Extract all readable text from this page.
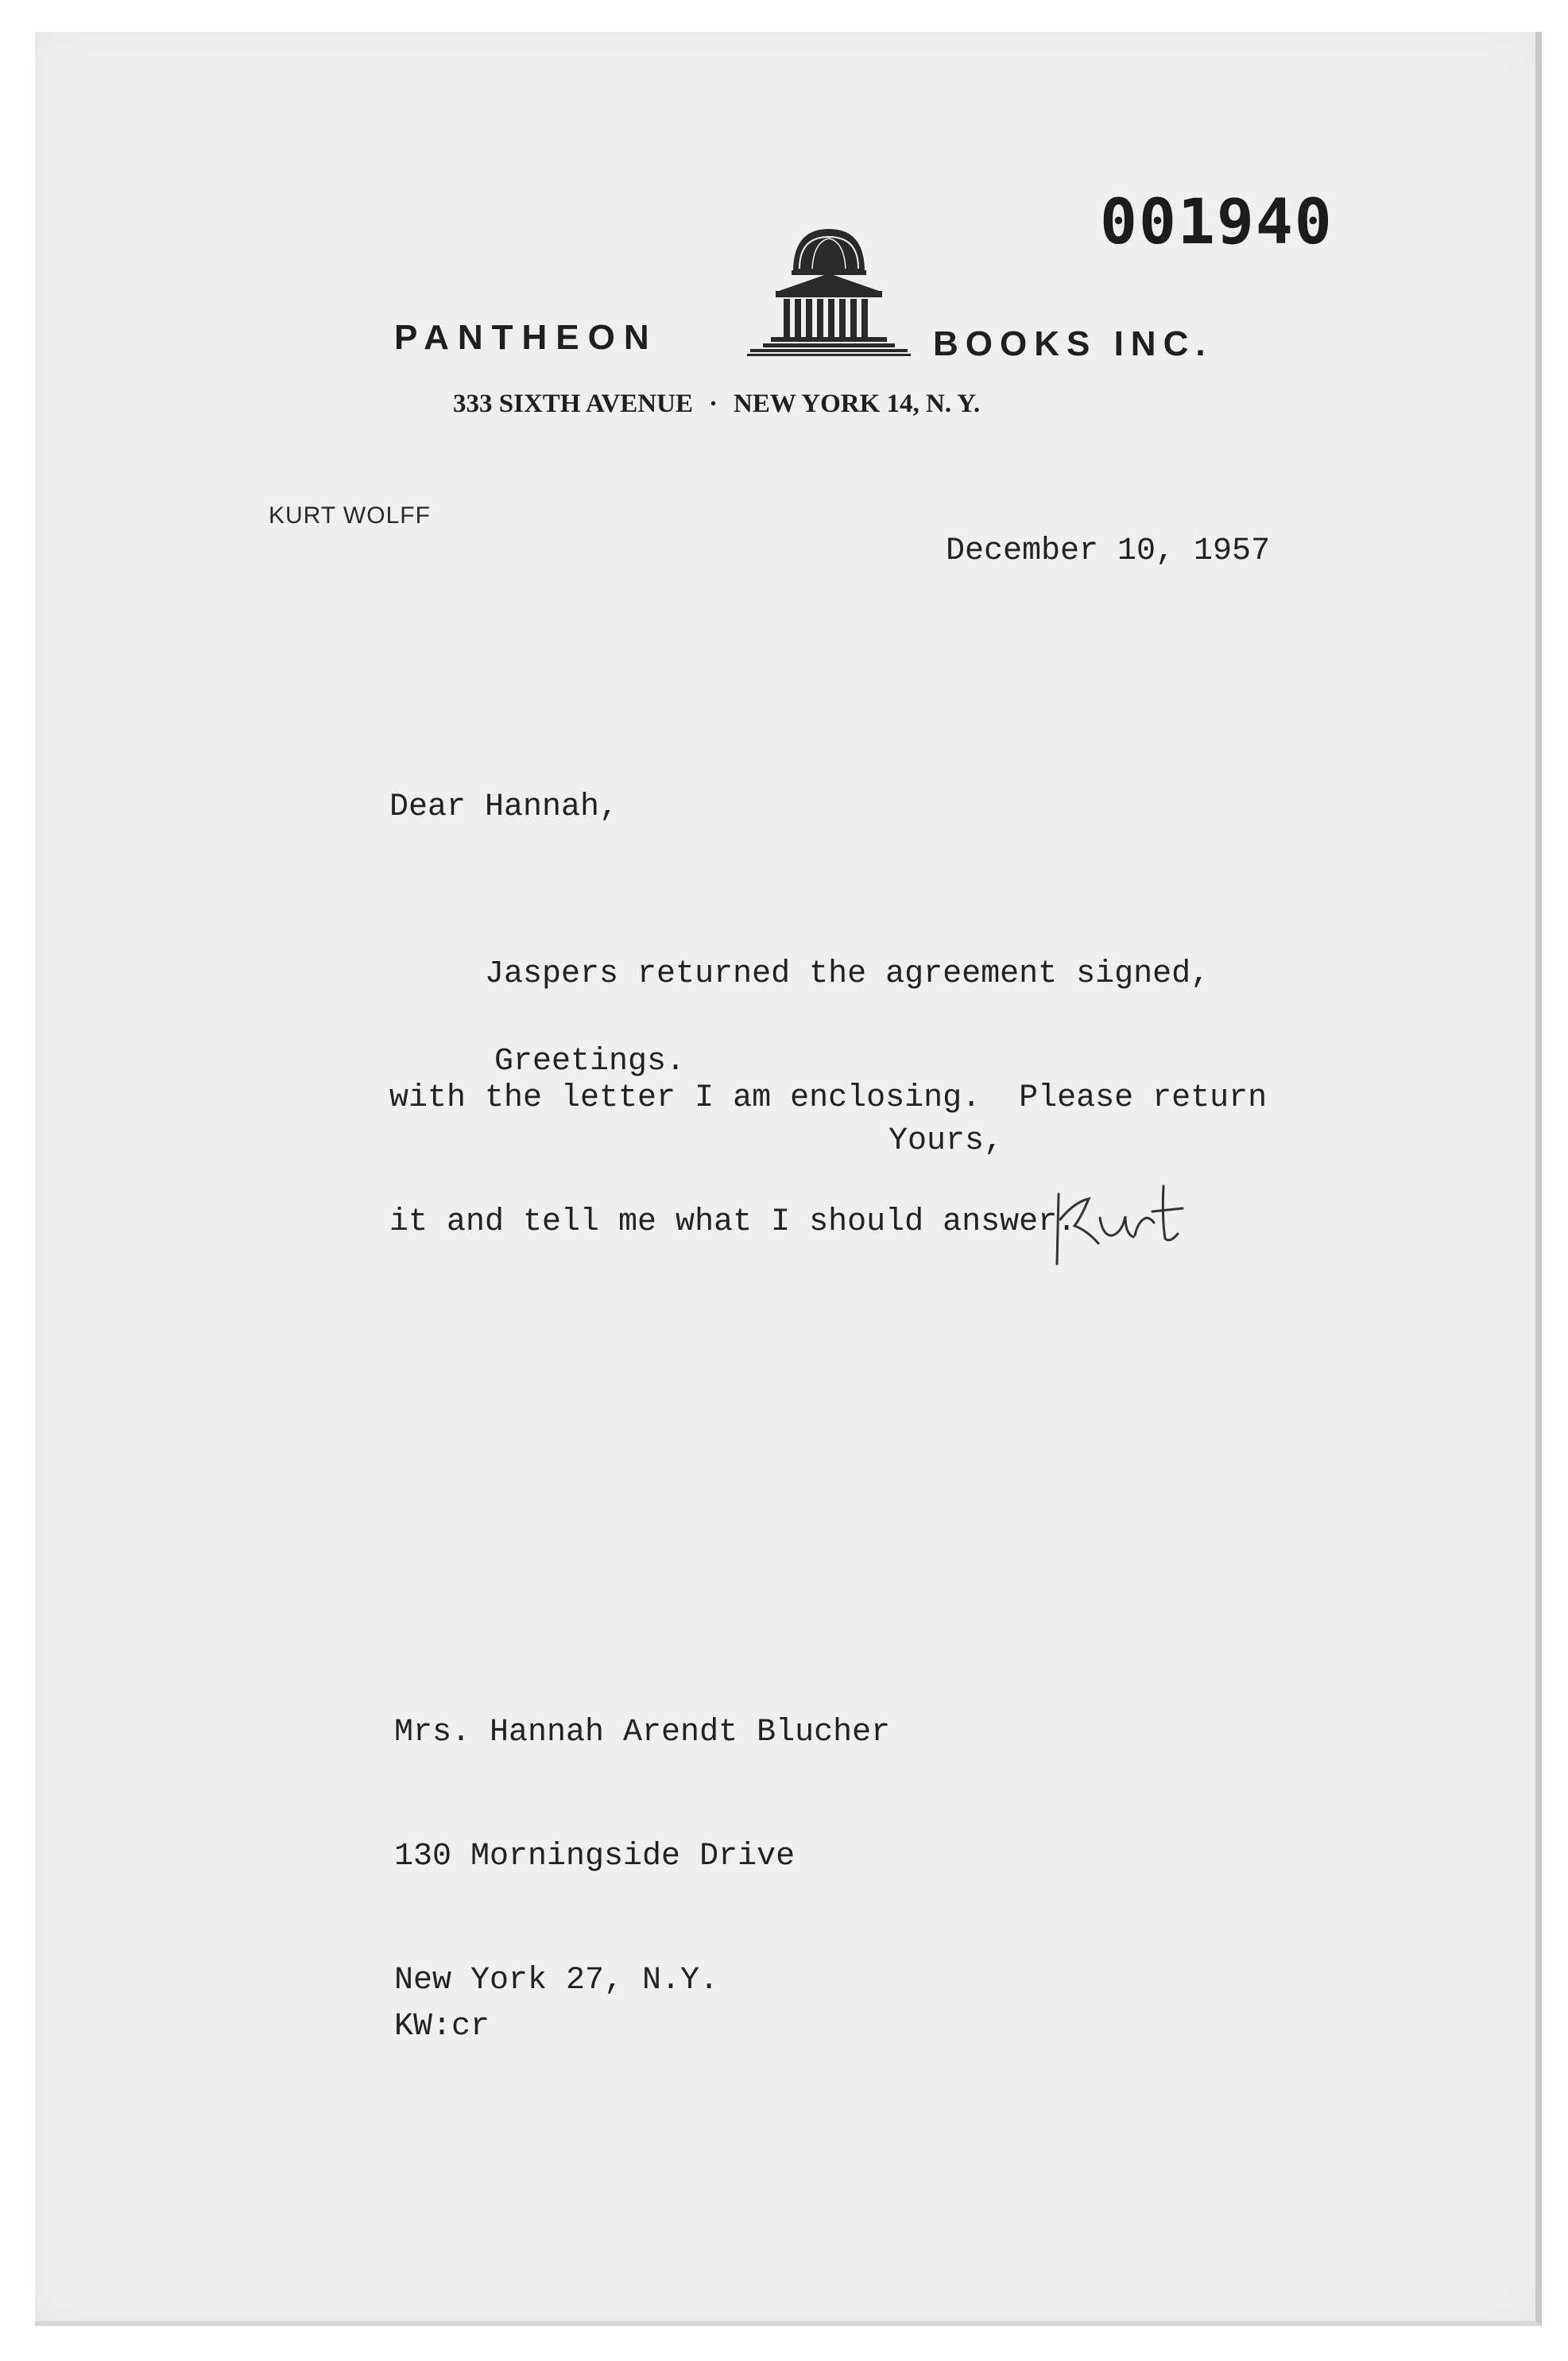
001940
PANTHEON	BOOKS INC.
333 SIXTH AVENUE · NEW YORK 14, N. Y.
KURT WOLFF
December 10, 1957
Dear Hannah,

Jaspers returned the agreement signed,

with the letter I am enclosing.  Please return

it and tell me what I should answer.

Greetings.
Yours,

Mrs. Hannah Arendt Blucher

130 Morningside Drive

New York 27, N.Y.

KW:cr
